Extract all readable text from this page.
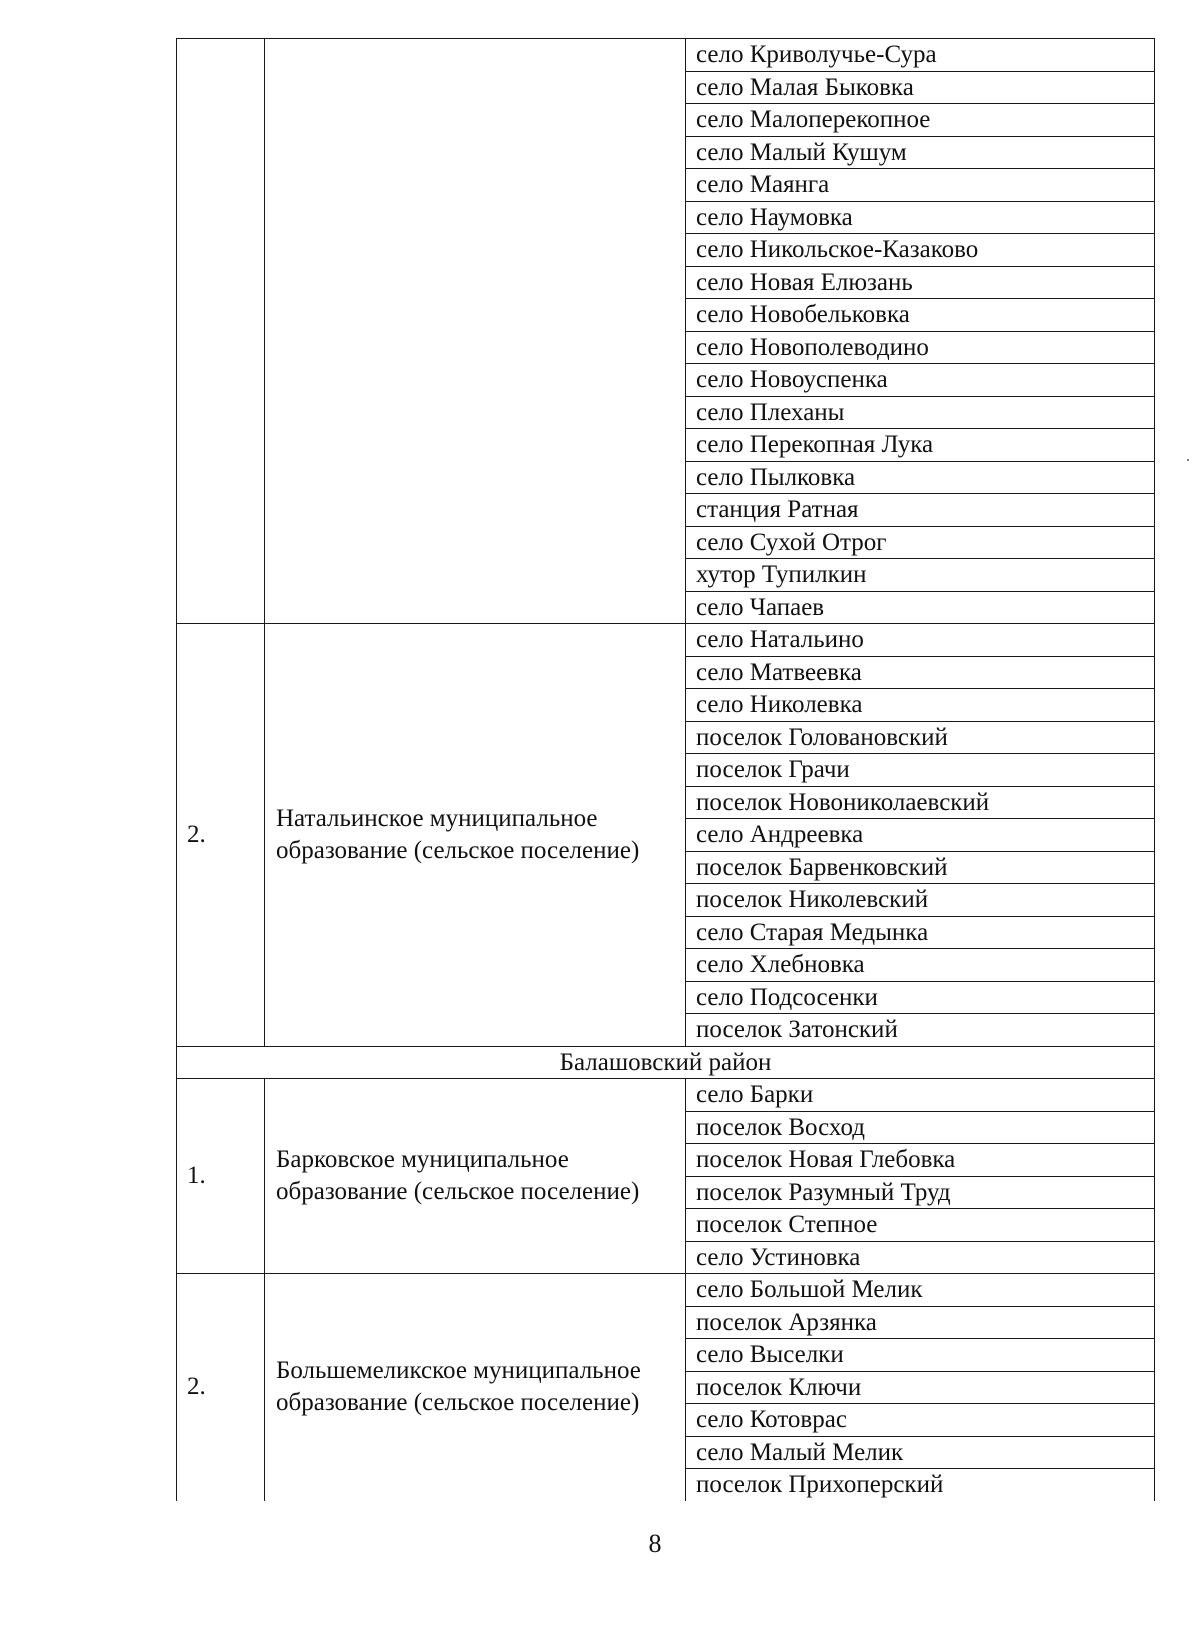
		село Криволучье-Сура
		село Малая Быковка
		село Малоперекопное
		село Малый Кушум
		село Маянга
		село Наумовка
		село Никольское-Казаково
		село Новая Елюзань
		село Новобельковка
		село Новополеводино
		село Новоуспенка
		село Плеханы
		село Перекопная Лука
		село Пылковка
		станция Ратная
		село Сухой Отрог
		хутор Тупилкин
		село Чапаев
2.	Натальинское муниципальное образование (сельское поселение)	село Натальино
		село Матвеевка
		село Николевка
		поселок Головановский
		поселок Грачи
		поселок Новониколаевский
		село Андреевка
		поселок Барвенковский
		поселок Николевский
		село Старая Медынка
		село Хлебновка
		село Подсосенки
		поселок Затонский
Балашовский район		
1.	Барковское муниципальное образование (сельское поселение)	село Барки
		поселок Восход
		поселок Новая Глебовка
		поселок Разумный Труд
		поселок Степное
		село Устиновка
2.	Большемеликское муниципальное образование (сельское поселение)	село Большой Мелик
		поселок Арзянка
		село Выселки
		поселок Ключи
		село Котоврас
		село Малый Мелик
		поселок Прихоперский
8
